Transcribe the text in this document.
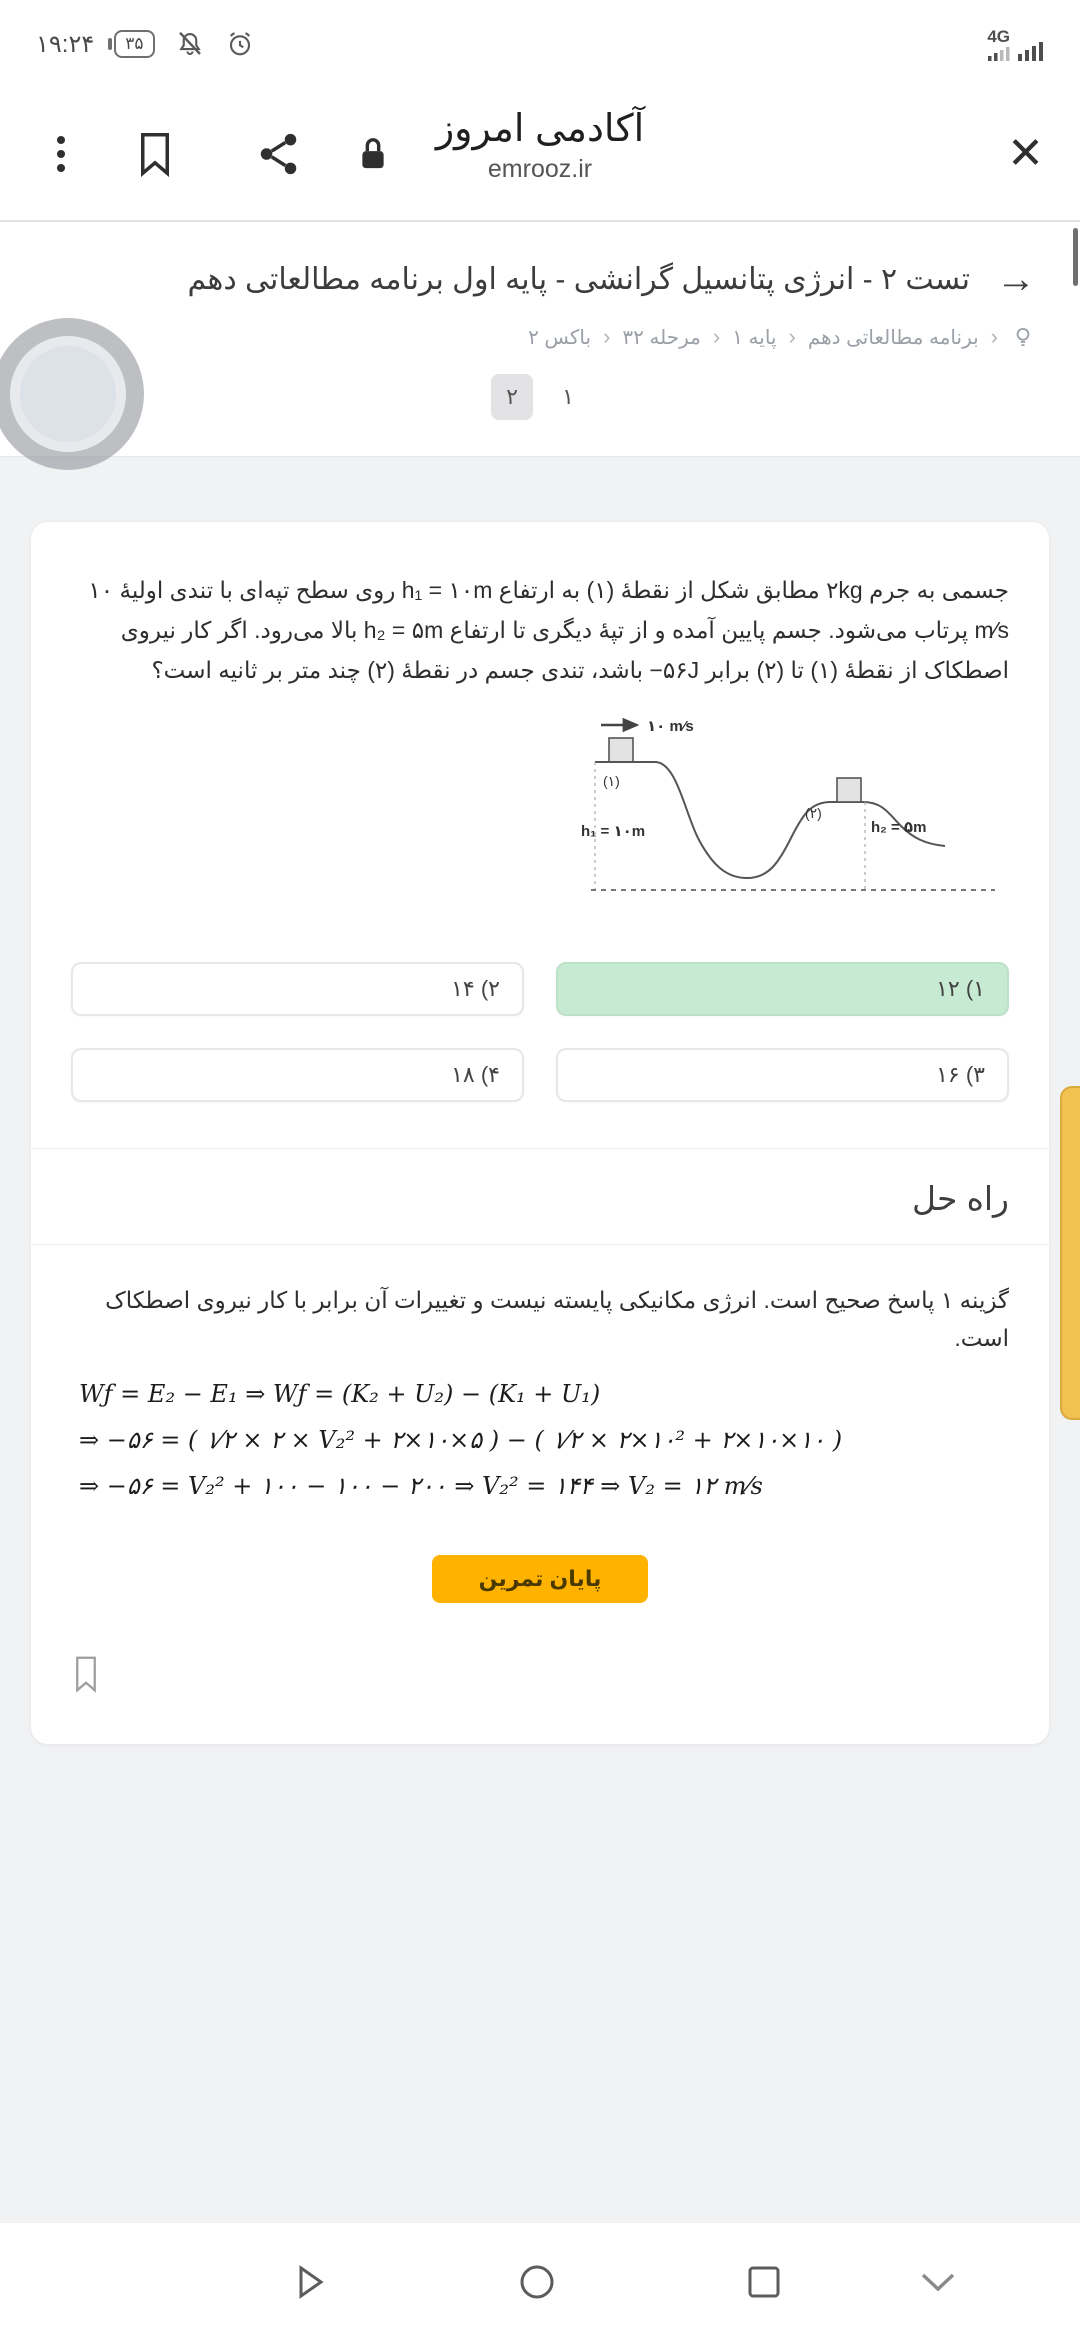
۱۹:۲۴ ۳۵	4G
آکادمی امروز
emrooz.ir	✕
→
تست ۲ - انرژی پتانسیل گرانشی - پایه اول برنامه مطالعاتی دهم
‹
برنامه مطالعاتی دهم
‹
پایه ۱
‹
مرحله ۳۲
‹
باکس ۲
۱
۲
جسمی به جرم ‎۲kg‎ مطابق شکل از نقطهٔ (۱) به ارتفاع ‎h₁ = ۱۰m‎ روی سطح تپه‌ای با تندی اولیهٔ ‎۱۰ m⁄s‎ پرتاب می‌شود. جسم پایین آمده و از تپهٔ دیگری تا ارتفاع ‎h₂ = ۵m‎ بالا می‌رود. اگر کار نیروی اصطکاک از نقطهٔ (۱) تا (۲) برابر ‎−۵۶J‎ باشد، تندی جسم در نقطهٔ (۲) چند متر بر ثانیه است؟
۱۰ m⁄s
(۱)
(۲)
h₁ = ۱۰m	h₂ = ۵m
۱) ۱۲
۲) ۱۴
۳) ۱۶
۴) ۱۸
راه حل
گزینه ۱ پاسخ صحیح است. انرژی مکانیکی پایسته نیست و تغییرات آن برابر با کار نیروی اصطکاک است.
Wƒ = E₂ − E₁ ⇒ Wƒ = (K₂ + U₂) − (K₁ + U₁)
⇒ −۵۶ = ( ۱⁄۲ × ۲ × V₂² + ۲×۱۰×۵ ) − ( ۱⁄۲ × ۲×۱۰² + ۲×۱۰×۱۰ )
⇒ −۵۶ = V₂² + ۱۰۰ − ۱۰۰ − ۲۰۰ ⇒ V₂² = ۱۴۴ ⇒ V₂ = ۱۲ m⁄s
پایان تمرین
